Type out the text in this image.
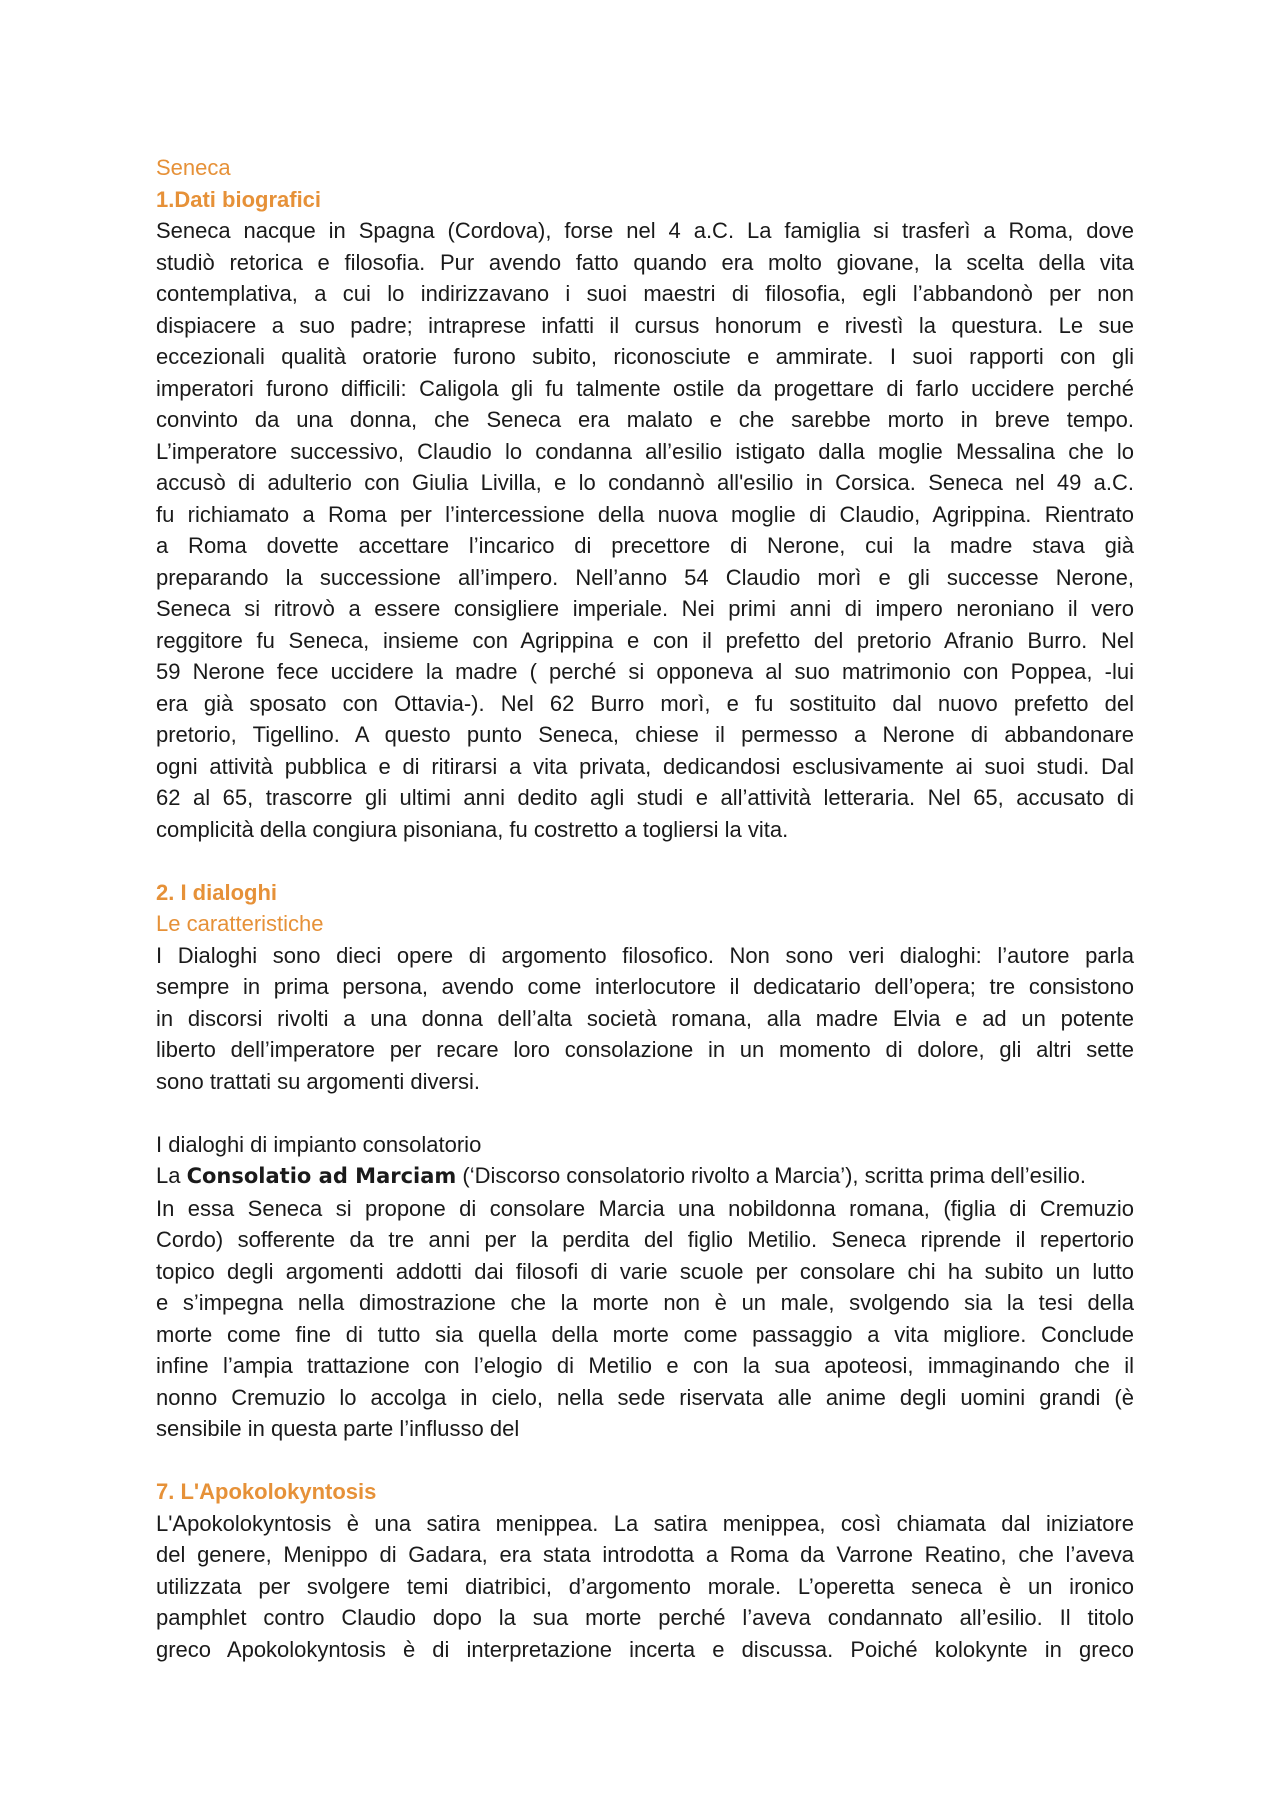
Seneca
1.Dati biografici
Seneca nacque in Spagna (Cordova), forse nel 4 a.C. La famiglia si trasferì a Roma, dove
studiò retorica e filosofia. Pur avendo fatto quando era molto giovane, la scelta della vita
contemplativa, a cui lo indirizzavano i suoi maestri di filosofia, egli l’abbandonò per non
dispiacere a suo padre; intraprese infatti il cursus honorum e rivestì la questura. Le sue
eccezionali qualità oratorie furono subito, riconosciute e ammirate. I suoi rapporti con gli
imperatori furono difficili: Caligola gli fu talmente ostile da progettare di farlo uccidere perché
convinto da una donna, che Seneca era malato e che sarebbe morto in breve tempo.
L’imperatore successivo, Claudio lo condanna all’esilio istigato dalla moglie Messalina che lo
accusò di adulterio con Giulia Livilla, e lo condannò all'esilio in Corsica. Seneca nel 49 a.C.
fu richiamato a Roma per l’intercessione della nuova moglie di Claudio, Agrippina. Rientrato
a Roma dovette accettare l’incarico di precettore di Nerone, cui la madre stava già
preparando la successione all’impero. Nell’anno 54 Claudio morì e gli successe Nerone,
Seneca si ritrovò a essere consigliere imperiale. Nei primi anni di impero neroniano il vero
reggitore fu Seneca, insieme con Agrippina e con il prefetto del pretorio Afranio Burro. Nel
59 Nerone fece uccidere la madre ( perché si opponeva al suo matrimonio con Poppea, -lui
era già sposato con Ottavia-). Nel 62 Burro morì, e fu sostituito dal nuovo prefetto del
pretorio, Tigellino. A questo punto Seneca, chiese il permesso a Nerone di abbandonare
ogni attività pubblica e di ritirarsi a vita privata, dedicandosi esclusivamente ai suoi studi. Dal
62 al 65, trascorre gli ultimi anni dedito agli studi e all’attività letteraria. Nel 65, accusato di
complicità della congiura pisoniana, fu costretto a togliersi la vita.
2. I dialoghi
Le caratteristiche
I Dialoghi sono dieci opere di argomento filosofico. Non sono veri dialoghi: l’autore parla
sempre in prima persona, avendo come interlocutore il dedicatario dell’opera; tre consistono
in discorsi rivolti a una donna dell’alta società romana, alla madre Elvia e ad un potente
liberto dell’imperatore per recare loro consolazione in un momento di dolore, gli altri sette
sono trattati su argomenti diversi.
I dialoghi di impianto consolatorio
La Consolatio ad Marciam (‘Discorso consolatorio rivolto a Marcia’), scritta prima dell’esilio.
In essa Seneca si propone di consolare Marcia una nobildonna romana, (figlia di Cremuzio
Cordo) sofferente da tre anni per la perdita del figlio Metilio. Seneca riprende il repertorio
topico degli argomenti addotti dai filosofi di varie scuole per consolare chi ha subito un lutto
e s’impegna nella dimostrazione che la morte non è un male, svolgendo sia la tesi della
morte come fine di tutto sia quella della morte come passaggio a vita migliore. Conclude
infine l’ampia trattazione con l’elogio di Metilio e con la sua apoteosi, immaginando che il
nonno Cremuzio lo accolga in cielo, nella sede riservata alle anime degli uomini grandi (è
sensibile in questa parte l’influsso del
7. L'Apokolokyntosis
L'Apokolokyntosis è una satira menippea. La satira menippea, così chiamata dal iniziatore
del genere, Menippo di Gadara, era stata introdotta a Roma da Varrone Reatino, che l’aveva
utilizzata per svolgere temi diatribici, d’argomento morale. L’operetta seneca è un ironico
pamphlet contro Claudio dopo la sua morte perché l’aveva condannato all’esilio. Il titolo
greco Apokolokyntosis è di interpretazione incerta e discussa. Poiché kolokynte in greco
